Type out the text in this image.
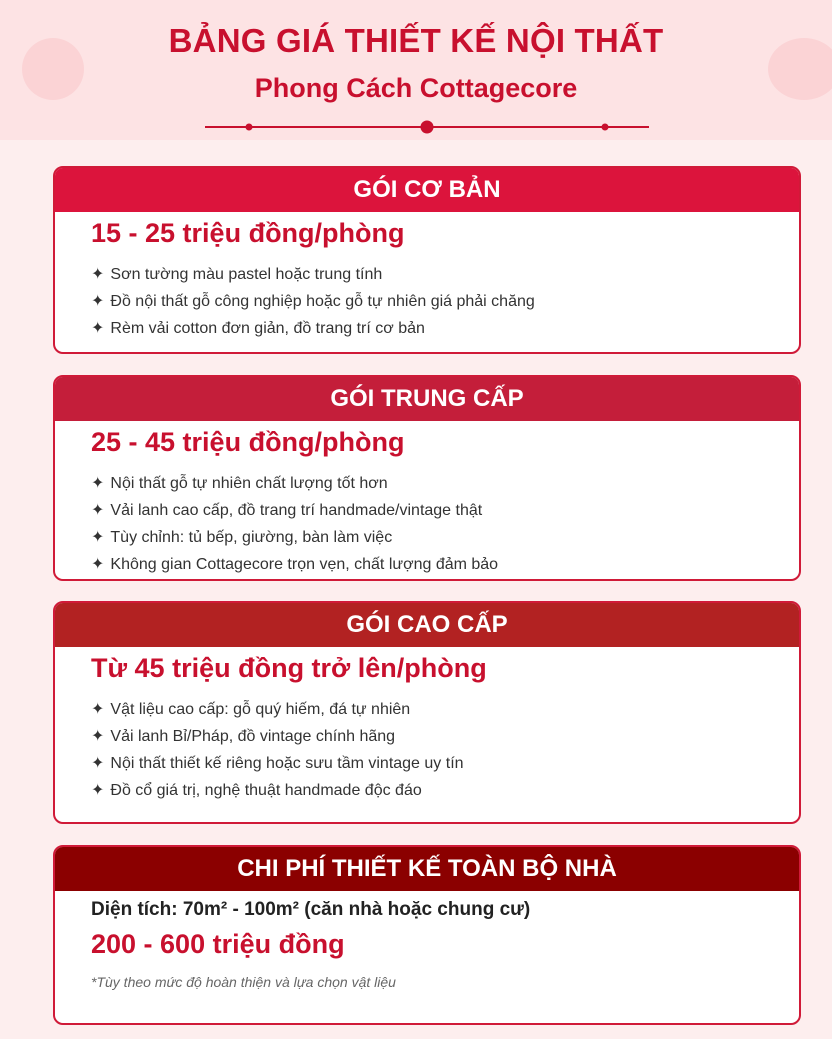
BẢNG GIÁ THIẾT KẾ NỘI THẤT
Phong Cách Cottagecore
GÓI CƠ BẢN
15 - 25 triệu đồng/phòng
✦ Sơn tường màu pastel hoặc trung tính
✦ Đồ nội thất gỗ công nghiệp hoặc gỗ tự nhiên giá phải chăng
✦ Rèm vải cotton đơn giản, đồ trang trí cơ bản
GÓI TRUNG CẤP
25 - 45 triệu đồng/phòng
✦ Nội thất gỗ tự nhiên chất lượng tốt hơn
✦ Vải lanh cao cấp, đồ trang trí handmade/vintage thật
✦ Tùy chỉnh: tủ bếp, giường, bàn làm việc
✦ Không gian Cottagecore trọn vẹn, chất lượng đảm bảo
GÓI CAO CẤP
Từ 45 triệu đồng trở lên/phòng
✦ Vật liệu cao cấp: gỗ quý hiếm, đá tự nhiên
✦ Vải lanh Bỉ/Pháp, đồ vintage chính hãng
✦ Nội thất thiết kế riêng hoặc sưu tầm vintage uy tín
✦ Đồ cổ giá trị, nghệ thuật handmade độc đáo
CHI PHÍ THIẾT KẾ TOÀN BỘ NHÀ
Diện tích: 70m² - 100m² (căn nhà hoặc chung cư)
200 - 600 triệu đồng
*Tùy theo mức độ hoàn thiện và lựa chọn vật liệu
